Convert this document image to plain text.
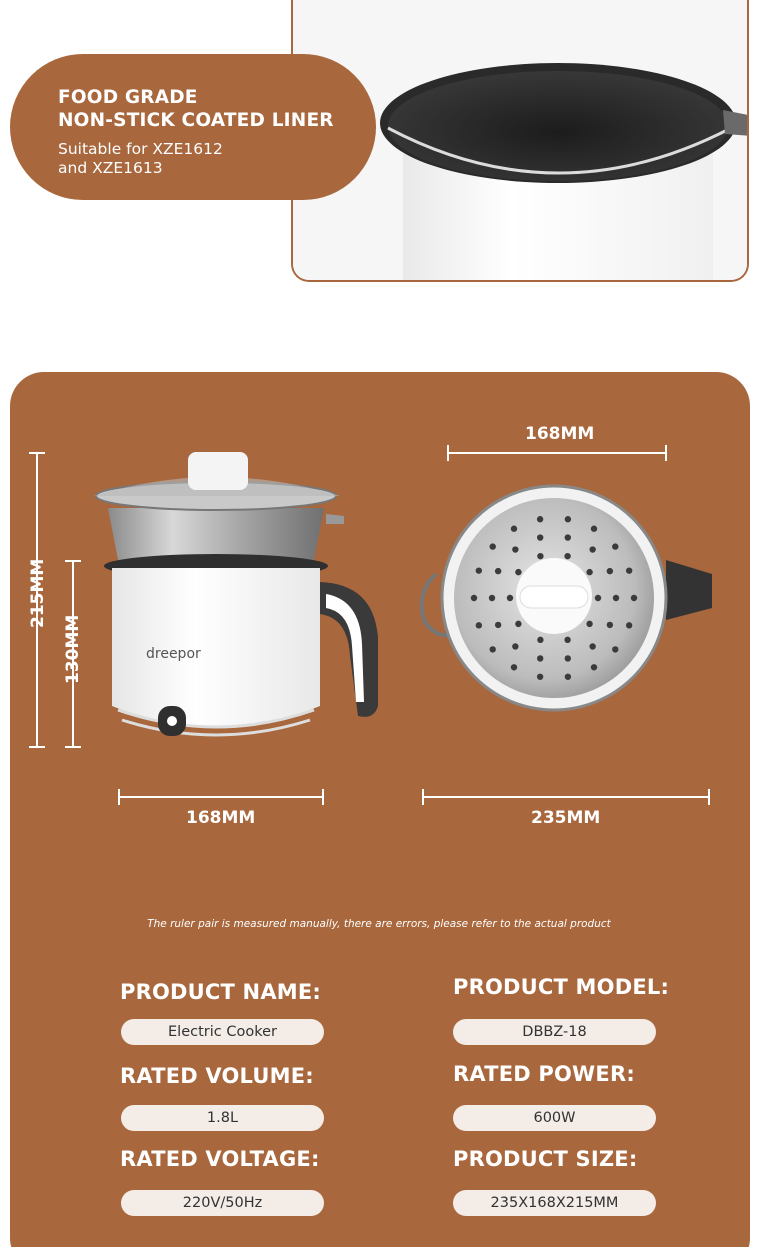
FOOD GRADE
NON-STICK COATED LINER
Suitable for XZE1612
and XZE1613
dreepor
215MM
130MM
168MM
168MM
235MM
The ruler pair is measured manually, there are errors, please refer to the actual product
PRODUCT NAME:
Electric Cooker
RATED VOLUME:
1.8L
RATED VOLTAGE:
220V/50Hz
PRODUCT MODEL:
DBBZ-18
RATED POWER:
600W
PRODUCT SIZE:
235X168X215MM
